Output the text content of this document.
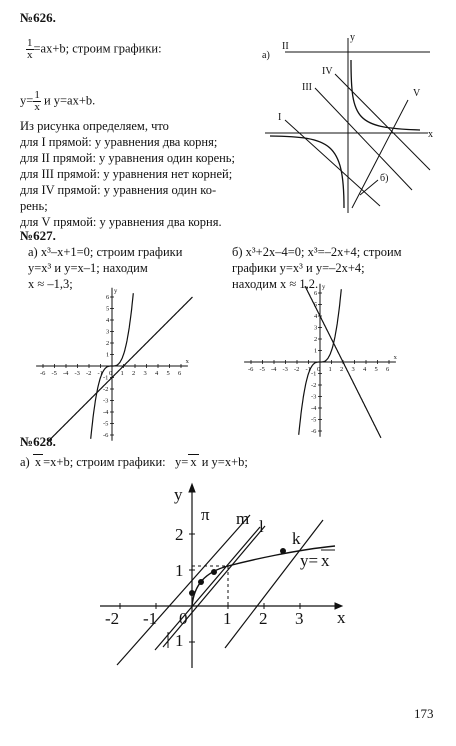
№626.
$\frac{1}{x} =ax+b$; строим графики:
$y= \frac{1}{x}$ и y=ax+b.
Из рисунка определяем, что
для I прямой: у уравнения два корня;
для II прямой: у уравнения один корень;
для III прямой: у уравнения нет корней;
для IV прямой: у уравнения один ко-
рень;
для V прямой: у уравнения два корня.
а)
II
I
III
IV
V
y
x
б)
№627.
а) x³–x+1=0; строим графики
y=x³ и y=x–1; находим
x ≈ –1,3;
б) x³+2x–4=0; x³=–2x+4; строим
графики y=x³ и y=–2x+4;
находим x ≈ 1,2.
-6 -5 -4 -3 -2 -1 0 1 2 3 4 5 6
6
5
4
3
2
1
-1
-2
-3
-4
-5
-6
x
y
-6 -5 -4 -3 -2 -1 0 1 2 3 4 5 6
6
5
4
3
2
1
-1
-2
-3
-4
-5
-6
x
y
№628.
а) x =x+b; строим графики: y= x и y=x+b;
y
x
π m l
k
y= x
-2 -1 0 1 2 3
2
1
1
173
